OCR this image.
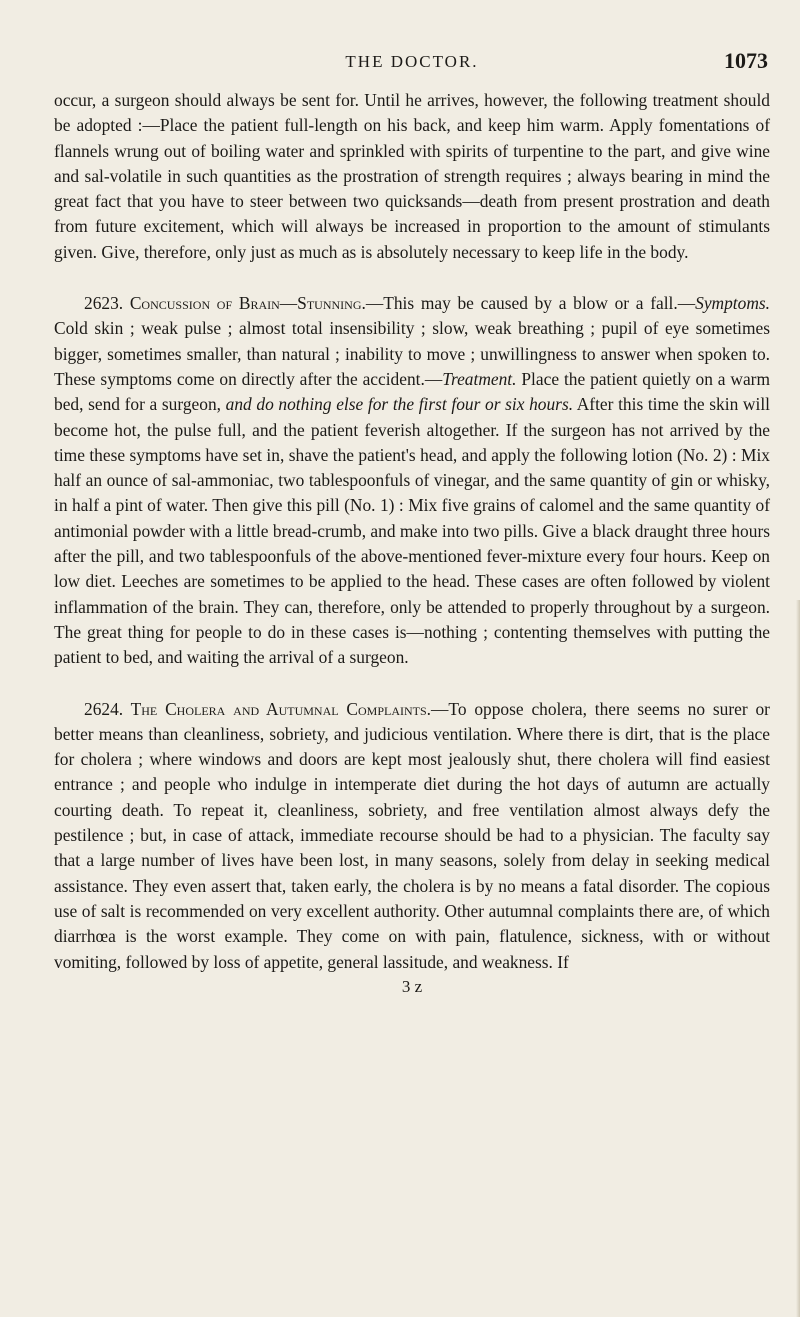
THE DOCTOR.	1073

occur, a surgeon should always be sent for. Until he arrives, however, the following treatment should be adopted :—Place the patient full-length on his back, and keep him warm. Apply fomentations of flannels wrung out of boiling water and sprinkled with spirits of turpentine to the part, and give wine and sal-volatile in such quantities as the prostration of strength requires ; always bearing in mind the great fact that you have to steer between two quicksands—death from present prostration and death from future excitement, which will always be increased in proportion to the amount of stimulants given. Give, therefore, only just as much as is absolutely necessary to keep life in the body.

2623. Concussion of Brain—Stunning.—This may be caused by a blow or a fall.—Symptoms. Cold skin ; weak pulse ; almost total insensibility ; slow, weak breathing ; pupil of eye sometimes bigger, sometimes smaller, than natural ; inability to move ; unwillingness to answer when spoken to. These symptoms come on directly after the accident.—Treatment. Place the patient quietly on a warm bed, send for a surgeon, and do nothing else for the first four or six hours. After this time the skin will become hot, the pulse full, and the patient feverish altogether. If the surgeon has not arrived by the time these symptoms have set in, shave the patient's head, and apply the following lotion (No. 2) : Mix half an ounce of sal-ammoniac, two tablespoonfuls of vinegar, and the same quantity of gin or whisky, in half a pint of water. Then give this pill (No. 1) : Mix five grains of calomel and the same quantity of antimonial powder with a little bread-crumb, and make into two pills. Give a black draught three hours after the pill, and two tablespoonfuls of the above-mentioned fever-mixture every four hours. Keep on low diet. Leeches are sometimes to be applied to the head. These cases are often followed by violent inflammation of the brain. They can, therefore, only be attended to properly throughout by a surgeon. The great thing for people to do in these cases is—nothing ; contenting themselves with putting the patient to bed, and waiting the arrival of a surgeon.

2624. The Cholera and Autumnal Complaints.—To oppose cholera, there seems no surer or better means than cleanliness, sobriety, and judicious ventilation. Where there is dirt, that is the place for cholera ; where windows and doors are kept most jealously shut, there cholera will find easiest entrance ; and people who indulge in intemperate diet during the hot days of autumn are actually courting death. To repeat it, cleanliness, sobriety, and free ventilation almost always defy the pestilence ; but, in case of attack, immediate recourse should be had to a physician. The faculty say that a large number of lives have been lost, in many seasons, solely from delay in seeking medical assistance. They even assert that, taken early, the cholera is by no means a fatal disorder. The copious use of salt is recommended on very excellent authority. Other autumnal complaints there are, of which diarrhœa is the worst example. They come on with pain, flatulence, sickness, with or without vomiting, followed by loss of appetite, general lassitude, and weakness. If

3 z
